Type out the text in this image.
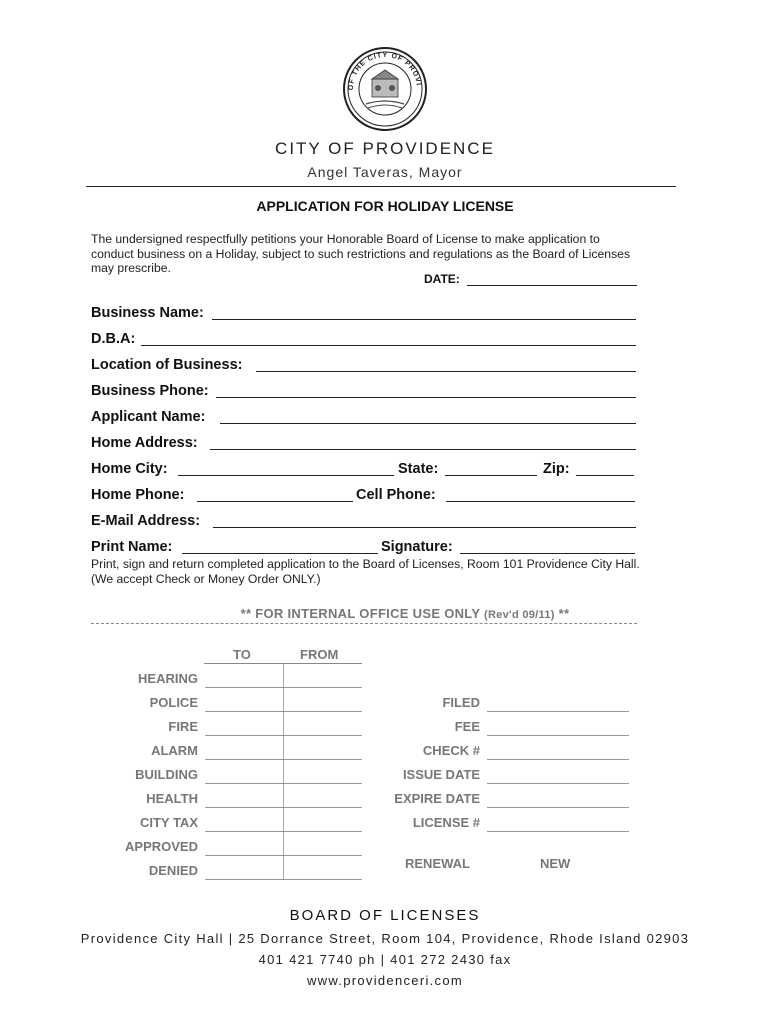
OF THE CITY OF PROVI
CITY OF PROVIDENCE
Angel Taveras, Mayor
APPLICATION FOR HOLIDAY LICENSE
The undersigned respectfully petitions your Honorable Board of License to make application to conduct business on a Holiday, subject to such restrictions and regulations as the Board of Licenses may prescribe.
DATE:
Business Name:
D.B.A:
Location of Business:
Business Phone:
Applicant Name:
Home Address:
Home City:	State:	Zip:
Home Phone:	Cell Phone:
E-Mail Address:
Print Name:	Signature:
Print, sign and return completed application to the Board of Licenses, Room 101 Providence City Hall. (We accept Check or Money Order ONLY.)
** FOR INTERNAL OFFICE USE ONLY (Rev'd 09/11) **
TO	FROM
HEARING
POLICE
FIRE
ALARM
BUILDING
HEALTH
CITY TAX
APPROVED
DENIED
FILED
FEE
CHECK #
ISSUE DATE
EXPIRE DATE
LICENSE #
RENEWAL	NEW
BOARD OF LICENSES
Providence City Hall | 25 Dorrance Street, Room 104, Providence, Rhode Island 02903
401 421 7740 ph | 401 272 2430 fax
www.providenceri.com
